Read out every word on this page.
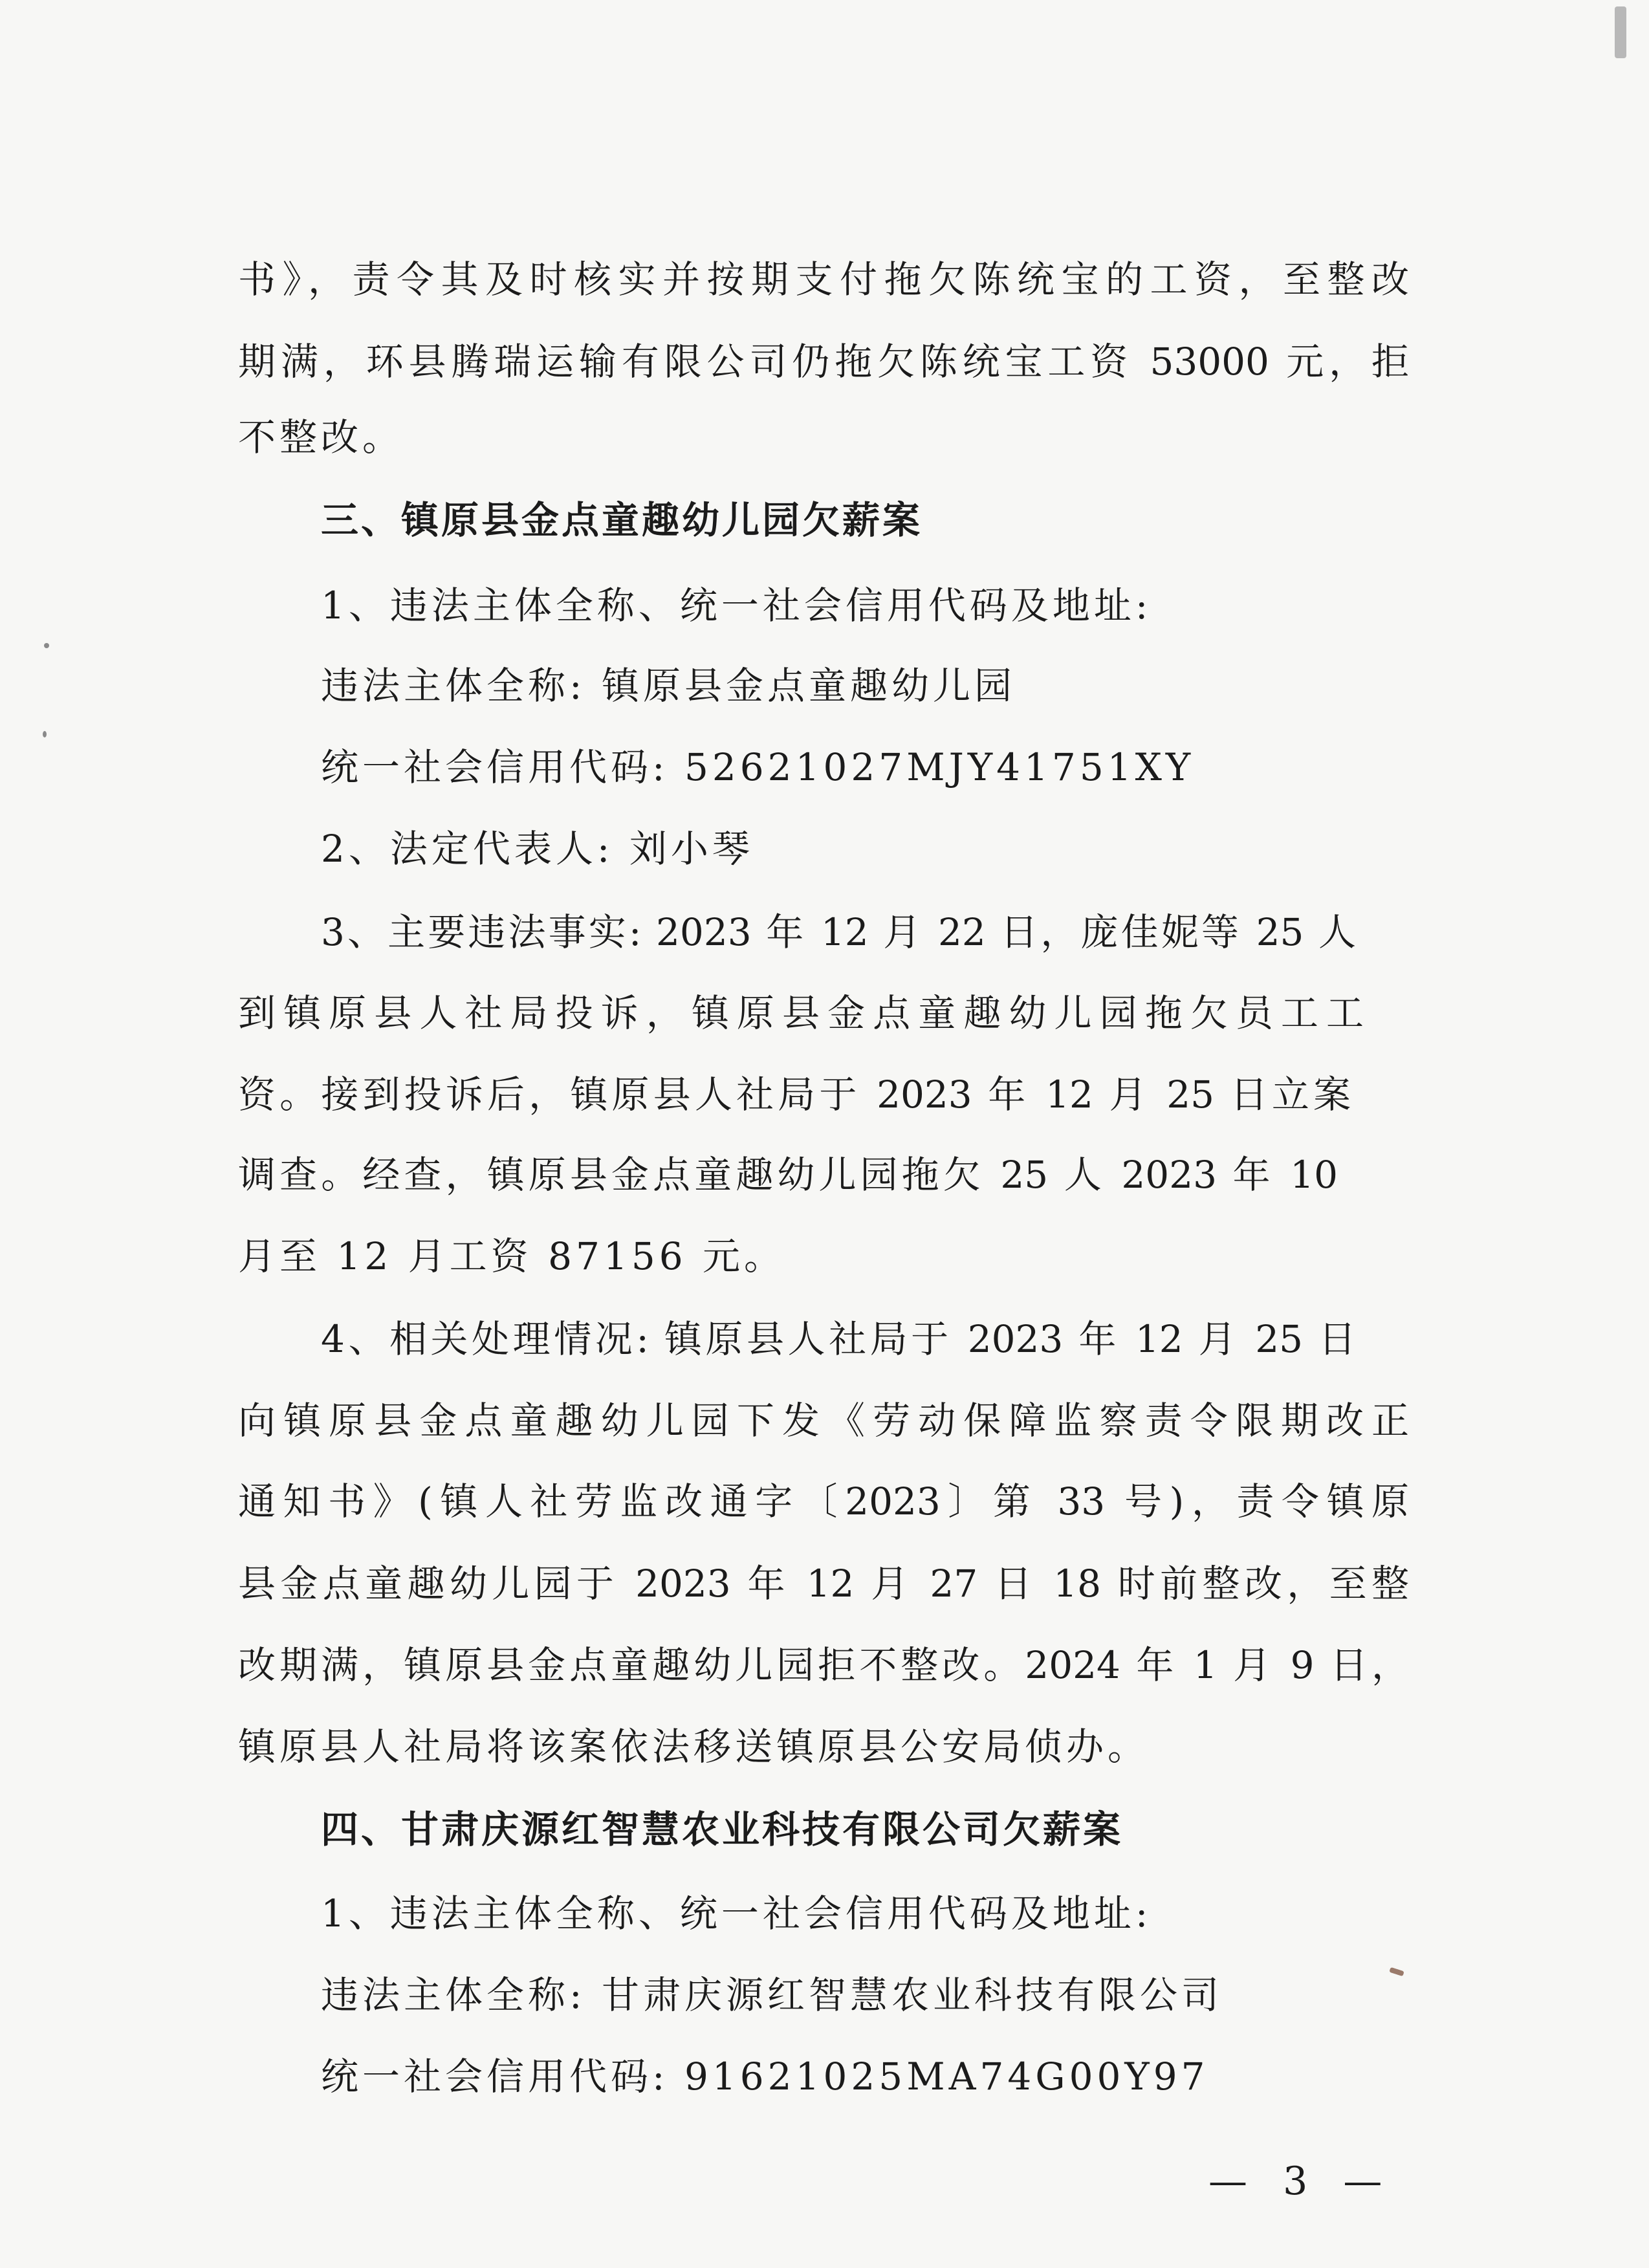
书》，责令其及时核实并按期支付拖欠陈统宝的工资，至整改
期满，环县腾瑞运输有限公司仍拖欠陈统宝工资 53000 元，拒
不整改。
三、镇原县金点童趣幼儿园欠薪案
1、违法主体全称、统一社会信用代码及地址:
违法主体全称: 镇原县金点童趣幼儿园
统一社会信用代码: 52621027MJY41751XY
2、法定代表人: 刘小琴
3、主要违法事实: 2023 年 12 月 22 日，庞佳妮等 25 人
到镇原县人社局投诉，镇原县金点童趣幼儿园拖欠员工工
资。接到投诉后，镇原县人社局于 2023 年 12 月 25 日立案
调查。经查，镇原县金点童趣幼儿园拖欠 25 人 2023 年 10
月至 12 月工资 87156 元。
4、相关处理情况: 镇原县人社局于 2023 年 12 月 25 日
向镇原县金点童趣幼儿园下发《劳动保障监察责令限期改正
通知书》(镇人社劳监改通字〔2023〕第 33 号)，责令镇原
县金点童趣幼儿园于 2023 年 12 月 27 日 18 时前整改，至整
改期满，镇原县金点童趣幼儿园拒不整改。2024 年 1 月 9 日，
镇原县人社局将该案依法移送镇原县公安局侦办。
四、甘肃庆源红智慧农业科技有限公司欠薪案
1、违法主体全称、统一社会信用代码及地址:
违法主体全称: 甘肃庆源红智慧农业科技有限公司
统一社会信用代码: 91621025MA74G00Y97
— 3 —
